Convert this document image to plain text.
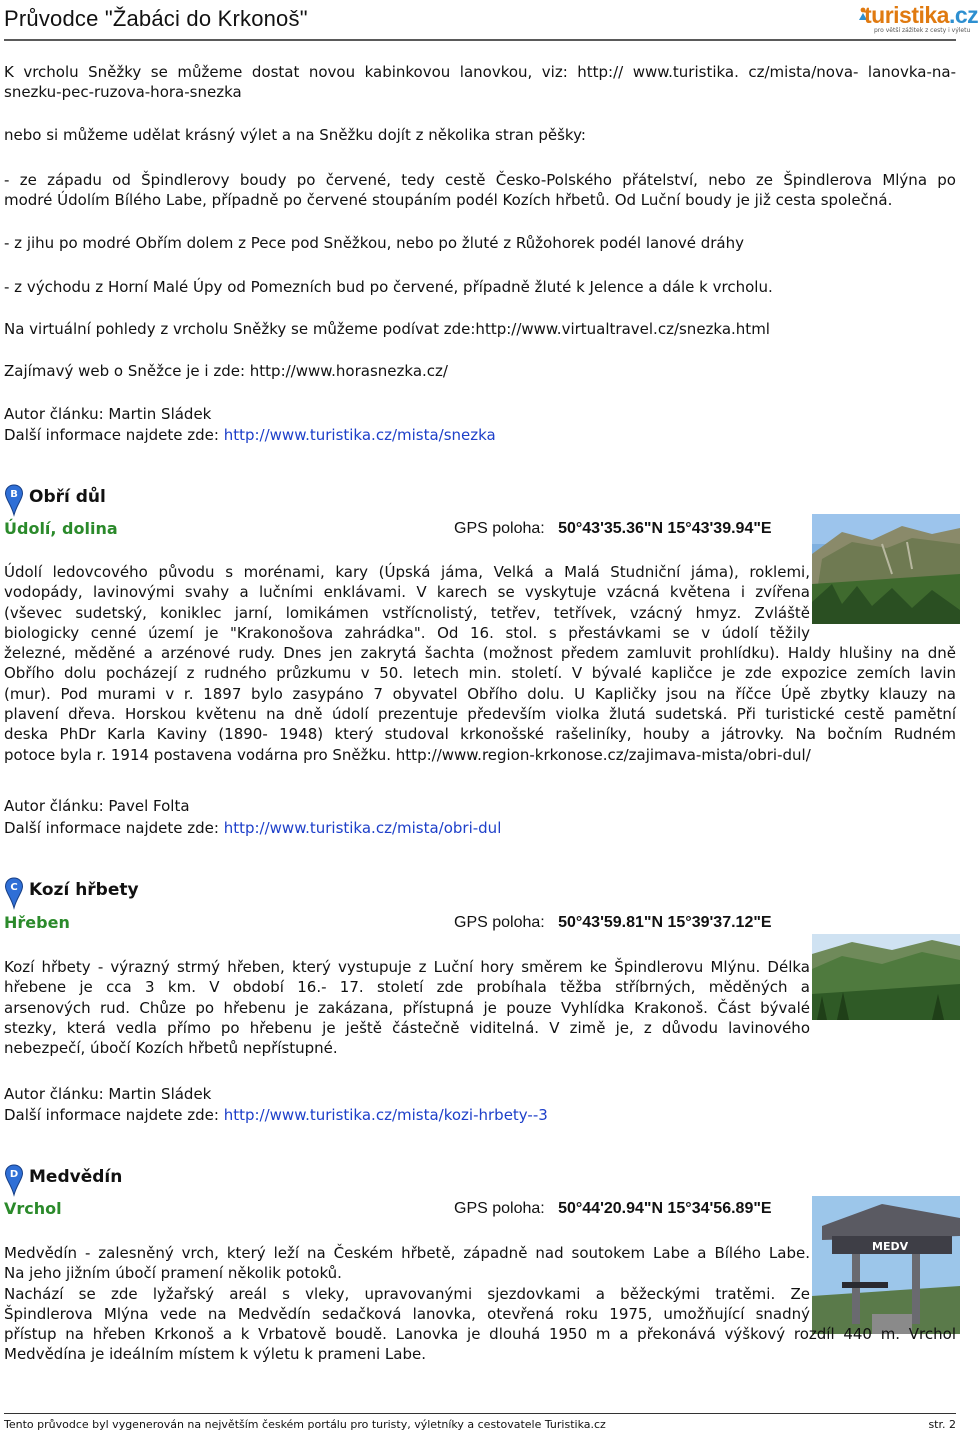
Průvodce "Žabáci do Krkonoš"	turistika.cz
pro větší zážitek z cesty i výletu
K vrcholu Sněžky se můžeme dostat novou kabinkovou lanovkou, viz: http:// www.turistika. cz/mista/nova- lanovka-na-
snezku-pec-ruzova-hora-snezka
nebo si můžeme udělat krásný výlet a na Sněžku dojít z několika stran pěšky:
- ze západu od Špindlerovy boudy po červené, tedy cestě Česko-Polského přátelství, nebo ze Špindlerova Mlýna po
modré Údolím Bílého Labe, případně po červené stoupáním podél Kozích hřbetů. Od Luční boudy je již cesta společná.
- z jihu po modré Obřím dolem z Pece pod Sněžkou, nebo po žluté z Růžohorek podél lanové dráhy
- z východu z Horní Malé Úpy od Pomezních bud po červené, případně žluté k Jelence a dále k vrcholu.
Na virtuální pohledy z vrcholu Sněžky se můžeme podívat zde:http://www.virtualtravel.cz/snezka.html
Zajímavý web o Sněžce je i zde: http://www.horasnezka.cz/
Autor článku: Martin Sládek
Další informace najdete zde: http://www.turistika.cz/mista/snezka
B Obří důl
Údolí, dolina	GPS poloha: 50°43'35.36"N 15°43'39.94"E
Údolí ledovcového původu s morénami, kary (Úpská jáma, Velká a Malá Studniční jáma), roklemi,
vodopády, lavinovými svahy a lučními enklávami. V karech se vyskytuje vzácná květena i zvířena
(vševec sudetský, koniklec jarní, lomikámen vstřícnolistý, tetřev, tetřívek, vzácný hmyz. Zvláště
biologicky cenné území je "Krakonošova zahrádka". Od 16. stol. s přestávkami se v údolí těžily
železné, měděné a arzénové rudy. Dnes jen zakrytá šachta (možnost předem zamluvit prohlídku). Haldy hlušiny na dně
Obřího dolu pocházejí z rudného průzkumu v 50. letech min. století. V bývalé kapličce je zde expozice zemích lavin
(mur). Pod murami v r. 1897 bylo zasypáno 7 obyvatel Obřího dolu. U Kapličky jsou na říčce Úpě zbytky klauzy na
plavení dřeva. Horskou květenu na dně údolí prezentuje především violka žlutá sudetská. Při turistické cestě pamětní
deska PhDr Karla Kaviny (1890- 1948) který studoval krkonošské rašeliníky, houby a játrovky. Na bočním Rudném
potoce byla r. 1914 postavena vodárna pro Sněžku. http://www.region-krkonose.cz/zajimava-mista/obri-dul/
Autor článku: Pavel Folta
Další informace najdete zde: http://www.turistika.cz/mista/obri-dul
C Kozí hřbety
Hřeben	GPS poloha: 50°43'59.81"N 15°39'37.12"E
Kozí hřbety - výrazný strmý hřeben, který vystupuje z Luční hory směrem ke Špindlerovu Mlýnu. Délka
hřebene je cca 3 km. V období 16.- 17. století zde probíhala těžba stříbrných, měděných a
arsenových rud. Chůze po hřebenu je zakázana, přístupná je pouze Vyhlídka Krakonoš. Část bývalé
stezky, která vedla přímo po hřebenu je ještě částečně viditelná. V zimě je, z důvodu lavinového
nebezpečí, úbočí Kozích hřbetů nepřístupné.
Autor článku: Martin Sládek
Další informace najdete zde: http://www.turistika.cz/mista/kozi-hrbety--3
D Medvědín
Vrchol	GPS poloha: 50°44'20.94"N 15°34'56.89"E
MEDV
Medvědín - zalesněný vrch, který leží na Českém hřbetě, západně nad soutokem Labe a Bílého Labe.
Na jeho jižním úbočí pramení několik potoků.
Nachází se zde lyžařský areál s vleky, upravovanými sjezdovkami a běžeckými tratěmi. Ze
Špindlerova Mlýna vede na Medvědín sedačková lanovka, otevřená roku 1975, umožňující snadný
přístup na hřeben Krkonoš a k Vrbatově boudě. Lanovka je dlouhá 1950 m a překonává výškový rozdíl 440 m. Vrchol
Medvědína je ideálním místem k výletu k prameni Labe.
Tento průvodce byl vygenerován na největším českém portálu pro turisty, výletníky a cestovatele Turistika.cz	str. 2
